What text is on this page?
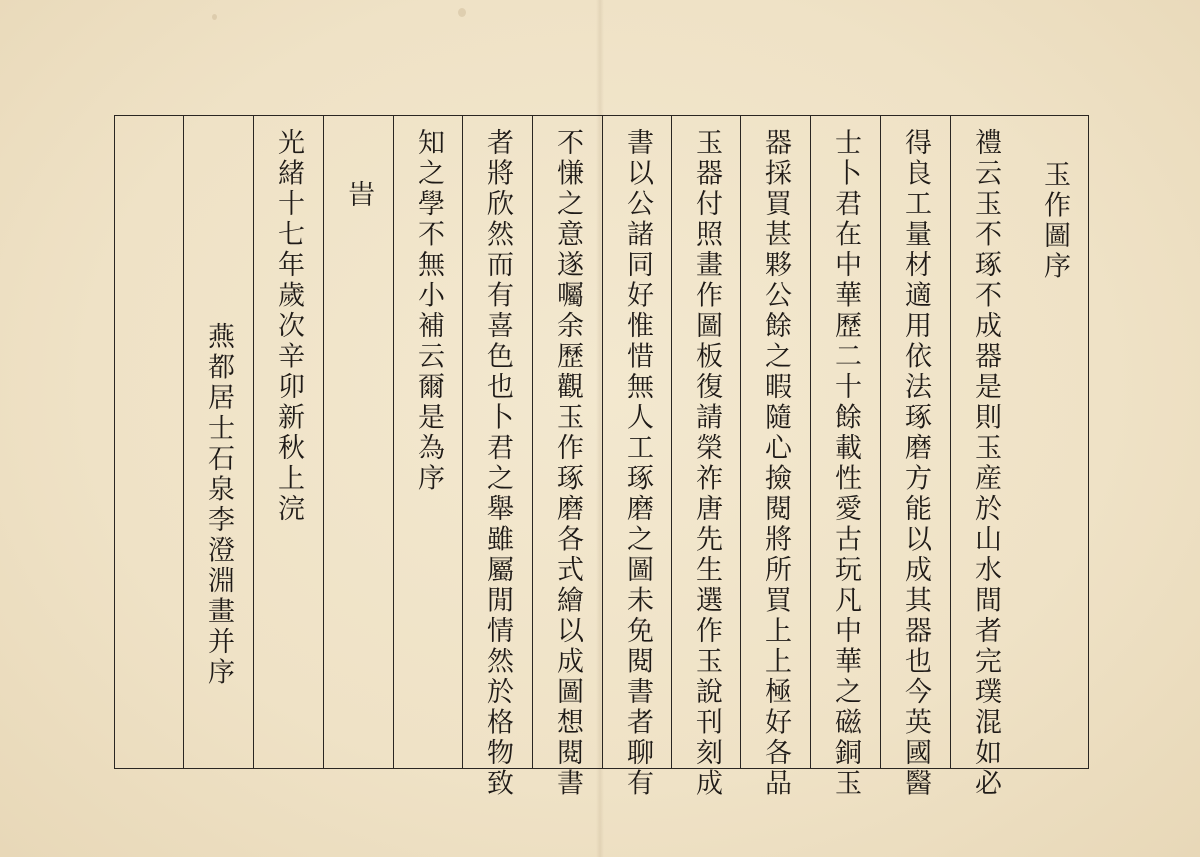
玉作圖序
禮云玉不琢不成器是則玉産於山水間者完璞混如必
得良工量材適用依法琢磨方能以成其器也今英國醫
士卜君在中華歷二十餘載性愛古玩凡中華之磁銅玉
器採買甚夥公餘之暇隨心撿閱將所買上上極好各品
玉器付照畫作圖板復請榮祚唐先生選作玉說刊刻成
書以公諸同好惟惜無人工琢磨之圖未免閱書者聊有
不慊之意遂囑余歷觀玉作琢磨各式繪以成圖想閱書
者將欣然而有喜色也卜君之舉雖屬閒情然於格物致
知之學不無小補云爾是為序
旹
光緒十七年歲次辛卯新秋上浣
燕都居士石泉李澄淵畫并序
